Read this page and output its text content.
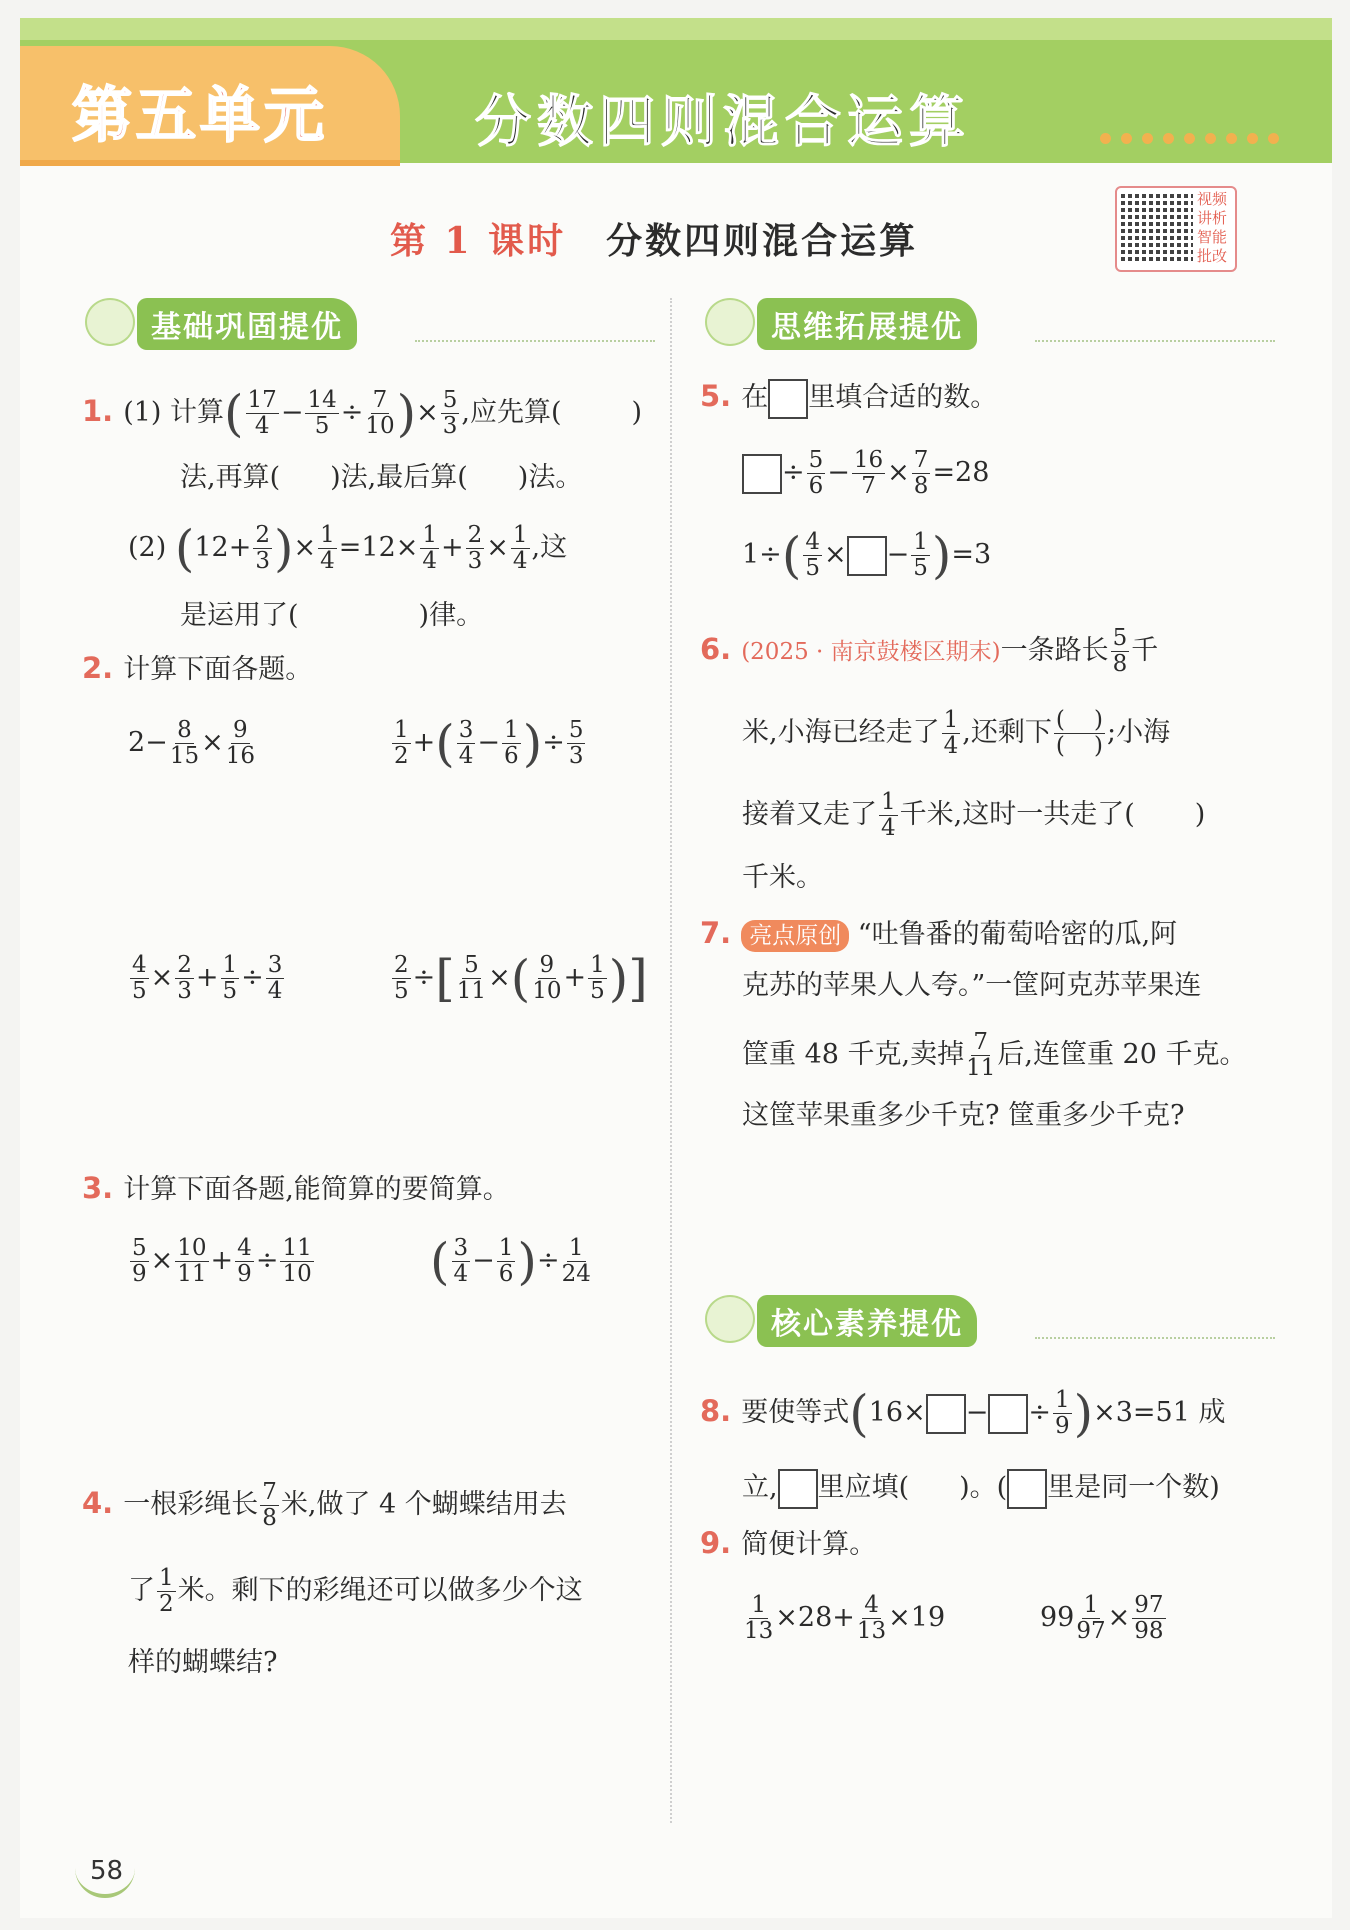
第五单元	分数四则混合运算
第 1 课时 分数四则混合运算
视频讲析 智能批改
基础巩固提优	思维拓展提优
核心素养提优
1. (1) 计算( $\frac{17}{4} - \frac{14}{5} \div \frac{7}{10}$ )× $\frac{5}{3}$ ,应先算(	)
法,再算( )法,最后算( )法。
(2) ($12+ \frac{2}{3}$ )× $\frac{1}{4} =12\times \frac{1}{4} + \frac{2}{3} \times \frac{1}{4}$ ,这
是运用了(	)律。
2. 计算下面各题。
$2- \frac{8}{15} \times \frac{9}{16}$	$\frac{1}{2}$ +( $\frac{3}{4} - \frac{1}{6}$ )÷ $\frac{5}{3}$
$\frac{4}{5} \times \frac{2}{3} + \frac{1}{5} \div \frac{3}{4}$	$\frac{2}{5}$ ÷[ $\frac{5}{11}$ ×( $\frac{9}{10} + \frac{1}{5}$ )]
3. 计算下面各题,能简算的要简算。
$\frac{5}{9} \times \frac{10}{11} + \frac{4}{9} \div \frac{11}{10}$ ( $\frac{3}{4} - \frac{1}{6}$ )÷ $\frac{1}{24}$
4. 一根彩绳长 $\frac{7}{8}$ 米,做了 4 个蝴蝶结用去
了 $\frac{1}{2}$ 米。剩下的彩绳还可以做多少个这
样的蝴蝶结?
5. 在 里填合适的数。
÷ $\frac{5}{6} - \frac{16}{7} \times \frac{7}{8} =28$
$1\div( \frac{4}{5}$ × − $\frac{1}{5} )=3$
6. (2025 · 南京鼓楼区期末)一条路长 $\frac{5}{8}$ 千
米,小海已经走了 $\frac{1}{4}$ ,还剩下 $\frac{( )}{( )}$ ;小海
接着又走了 $\frac{1}{4}$ 千米,这时一共走了( )
千米。
7. 亮点原创 “吐鲁番的葡萄哈密的瓜,阿
克苏的苹果人人夸。”一筐阿克苏苹果连
筐重 48 千克,卖掉 $\frac{7}{11}$ 后,连筐重 20 千克。
这筐苹果重多少千克? 筐重多少千克?
8. 要使等式(16× − ÷ $\frac{1}{9} )\times 3=51$ 成
立, 里应填( )。( 里是同一个数)
9. 简便计算。
$\frac{1}{13} \times 28+ \frac{4}{13} \times 19$	$99 \frac{1}{97} \times \frac{97}{98}$
58
